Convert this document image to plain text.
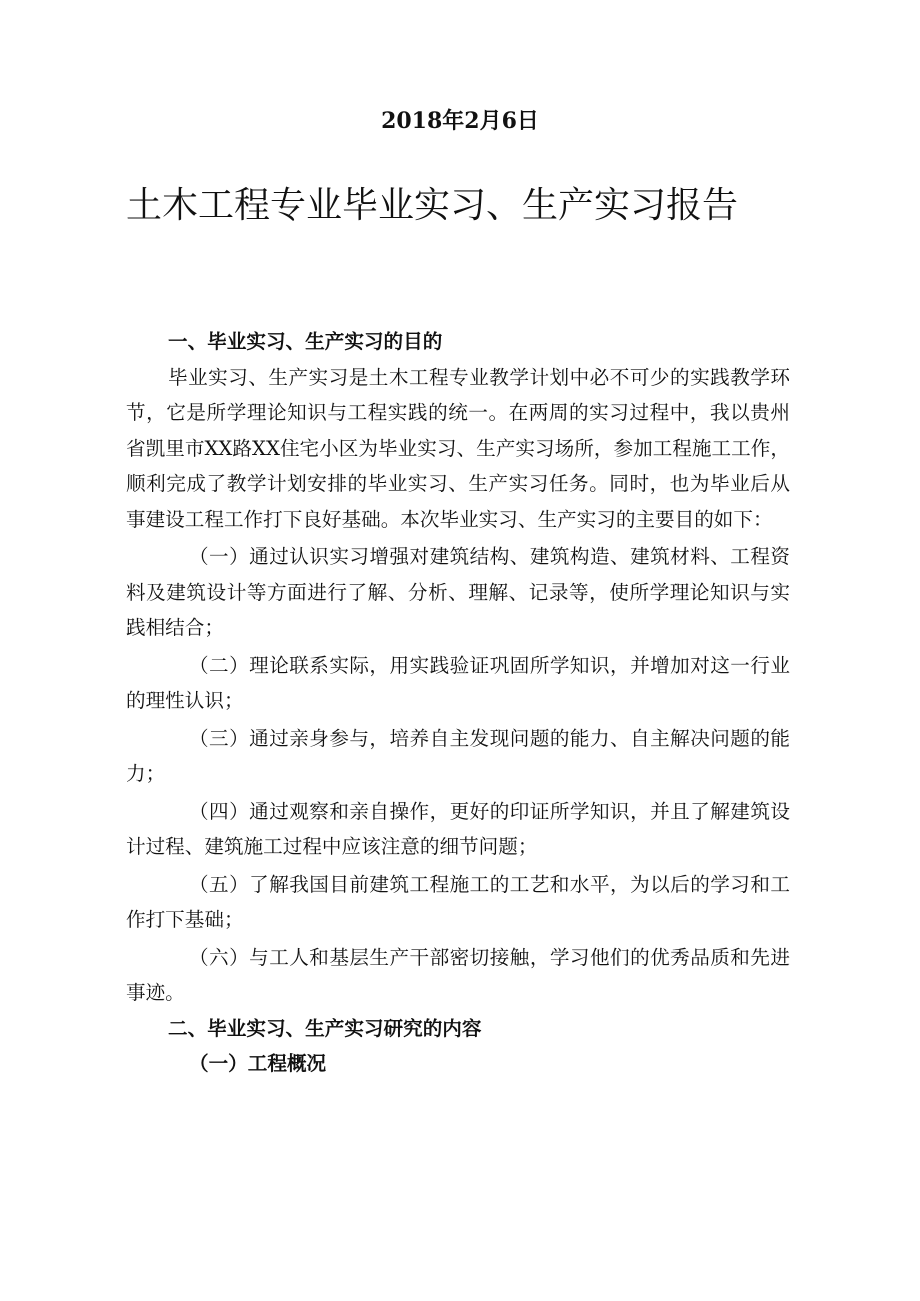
2018年2月6日
土木工程专业毕业实习、生产实习报告

一、毕业实习、生产实习的目的

毕业实习、生产实习是土木工程专业教学计划中必不可少的实践教学环节，它是所学理论知识与工程实践的统一。在两周的实习过程中，我以贵州省凯里市XX路XX住宅小区为毕业实习、生产实习场所，参加工程施工工作，顺利完成了教学计划安排的毕业实习、生产实习任务。同时，也为毕业后从事建设工程工作打下良好基础。本次毕业实习、生产实习的主要目的如下：

（一）通过认识实习增强对建筑结构、建筑构造、建筑材料、工程资料及建筑设计等方面进行了解、分析、理解、记录等，使所学理论知识与实践相结合；

（二）理论联系实际，用实践验证巩固所学知识，并增加对这一行业的理性认识；

（三）通过亲身参与，培养自主发现问题的能力、自主解决问题的能力；

（四）通过观察和亲自操作，更好的印证所学知识，并且了解建筑设计过程、建筑施工过程中应该注意的细节问题；

（五）了解我国目前建筑工程施工的工艺和水平，为以后的学习和工作打下基础；

（六）与工人和基层生产干部密切接触，学习他们的优秀品质和先进事迹。

二、毕业实习、生产实习研究的内容

（一）工程概况
